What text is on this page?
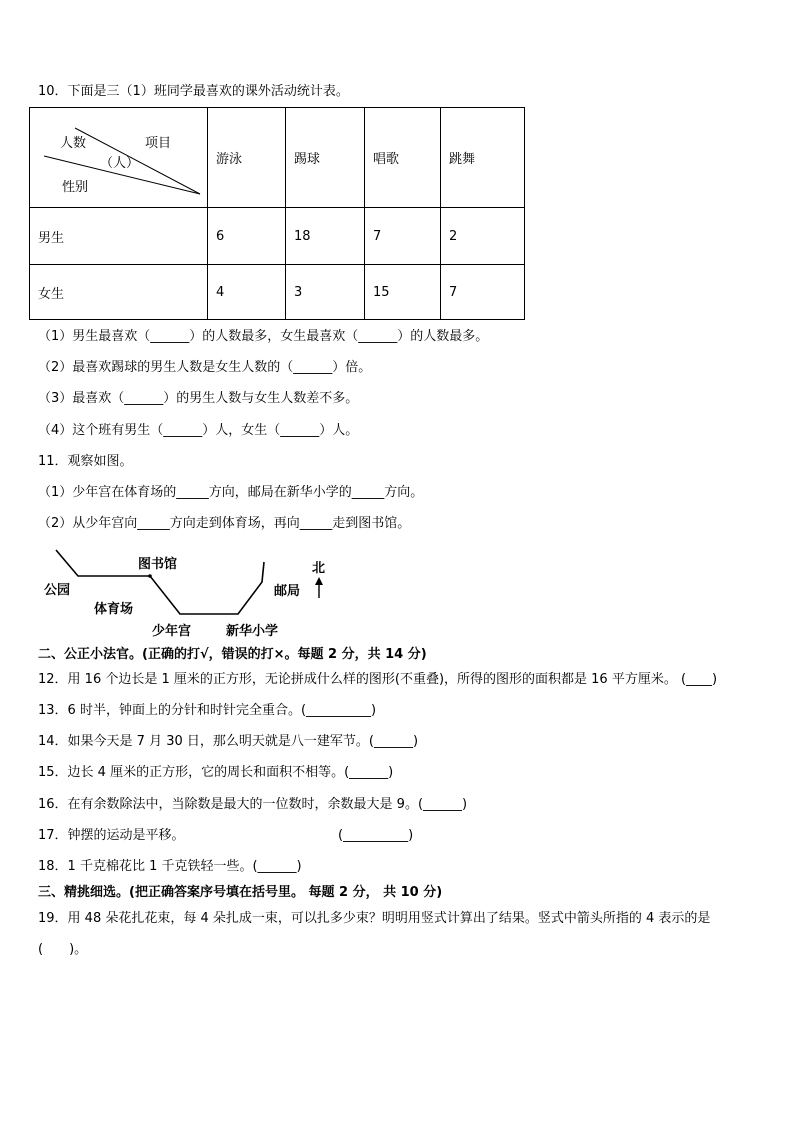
10．下面是三（1）班同学最喜欢的课外活动统计表。
人数 项目
（人）
性别	游泳	踢球	唱歌	跳舞
男生	6	18	7	2
女生	4	3	15	7
（1）男生最喜欢（______）的人数最多，女生最喜欢（______）的人数最多。
（2）最喜欢踢球的男生人数是女生人数的（______）倍。
（3）最喜欢（______）的男生人数与女生人数差不多。
（4）这个班有男生（______）人，女生（______）人。
11．观察如图。
（1）少年宫在体育场的_____方向，邮局在新华小学的_____方向。
（2）从少年宫向_____方向走到体育场，再向_____走到图书馆。
公园
图书馆
体育场
少年宫	新华小学
邮局
北
二、公正小法官。(正确的打√，错误的打×。每题 2 分，共 14 分)
12．用 16 个边长是 1 厘米的正方形，无论拼成什么样的图形(不重叠)，所得的图形的面积都是 16 平方厘米。 (____)
13．6 时半，钟面上的分针和时针完全重合。(__________)
14．如果今天是 7 月 30 日，那么明天就是八一建军节。(______)
15．边长 4 厘米的正方形，它的周长和面积不相等。(______)
16．在有余数除法中，当除数是最大的一位数时，余数最大是 9。(______)
17．钟摆的运动是平移。	(__________)
18．1 千克棉花比 1 千克铁轻一些。(______)
三、精挑细选。(把正确答案序号填在括号里。 每题 2 分， 共 10 分)
19．用 48 朵花扎花束，每 4 朵扎成一束，可以扎多少束？明明用竖式计算出了结果。竖式中箭头所指的 4 表示的是
(　　)。
